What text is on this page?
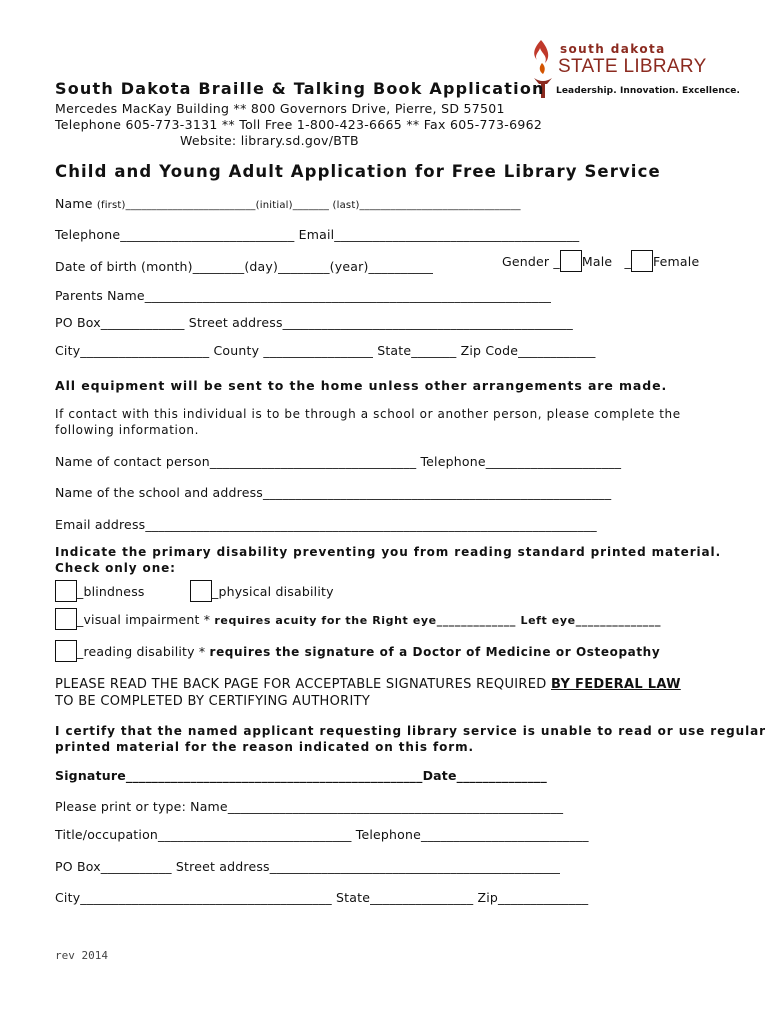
south dakota
STATE LIBRARY
Leadership. Innovation. Excellence.
South Dakota Braille & Talking Book Application
Mercedes MacKay Building ** 800 Governors Drive, Pierre, SD 57501
Telephone 605-773-3131 ** Toll Free 1-800-423-6665 ** Fax 605-773-6962
Website: library.sd.gov/BTB
Child and Young Adult Application for Free Library Service
Name (first)_________________________(initial)_______ (last)_______________________________
Telephone___________________________ Email______________________________________
Date of birth (month)________(day)________(year)__________	Gender _ Male _ Female
Parents Name_______________________________________________________________
PO Box_____________ Street address_____________________________________________
City____________________ County _________________ State_______ Zip Code____________
All equipment will be sent to the home unless other arrangements are made.
If contact with this individual is to be through a school or another person, please complete the following information.
Name of contact person________________________________ Telephone_____________________
Name of the school and address______________________________________________________
Email address______________________________________________________________________
Indicate the primary disability preventing you from reading standard printed material.
Check only one:
_blindness	_physical disability
_visual impairment * requires acuity for the Right eye_____________ Left eye______________
_reading disability * requires the signature of a Doctor of Medicine or Osteopathy
PLEASE READ THE BACK PAGE FOR ACCEPTABLE SIGNATURES REQUIRED BY FEDERAL LAW
TO BE COMPLETED BY CERTIFYING AUTHORITY
I certify that the named applicant requesting library service is unable to read or use regular
printed material for the reason indicated on this form.
Signature______________________________________________Date______________
Please print or type: Name____________________________________________________
Title/occupation______________________________ Telephone__________________________
PO Box___________ Street address_____________________________________________
City_______________________________________ State________________ Zip______________
rev 2014
